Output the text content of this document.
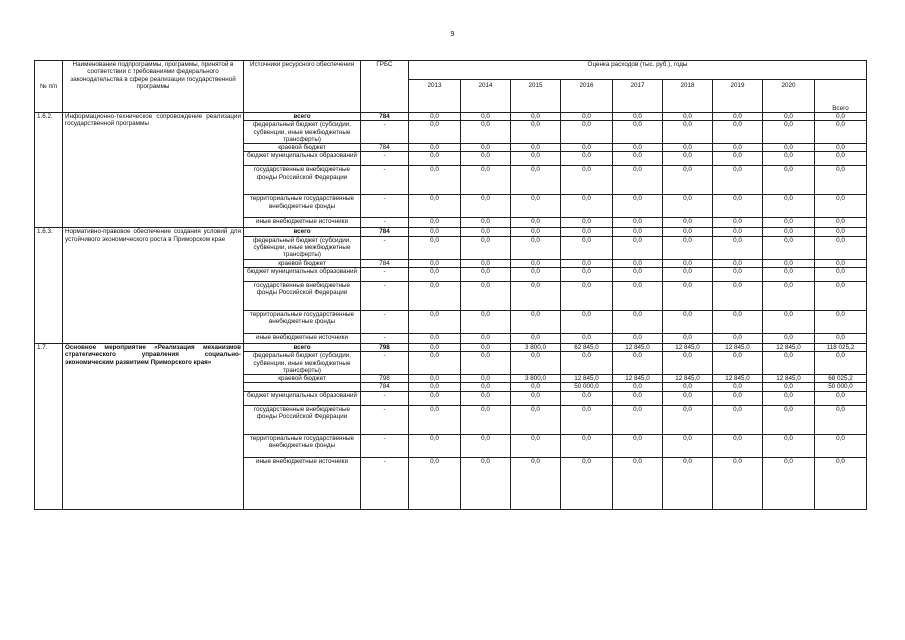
9
№ п/п	Наименование подпрограммы, программы, принятой в соответствии с требованиями федерального законодательства в сфере реализации государственной программы	Источники ресурсного обеспечения	ГРБС	Оценка расходов (тыс. руб.), годы								
				2013	2014	2015	2016	2017	2018	2019	2020	Всего
1.6.2.	Информационно-техническое сопровождение реализации государственной программы	всего	784	0,0	0,0	0,0	0,0	0,0	0,0	0,0	0,0	0,0
		федеральный бюджет (субсидии, субвенции, иные межбюджетные трансферты)	-	0,0	0,0	0,0	0,0	0,0	0,0	0,0	0,0	0,0
		краевой бюджет	784	0,0	0,0	0,0	0,0	0,0	0,0	0,0	0,0	0,0
		бюджет муниципальных образований	-	0,0	0,0	0,0	0,0	0,0	0,0	0,0	0,0	0,0
		государственные внебюджетные фонды Российской Федерации	-	0,0	0,0	0,0	0,0	0,0	0,0	0,0	0,0	0,0
		территориальные государственные внебюджетные фонды	-	0,0	0,0	0,0	0,0	0,0	0,0	0,0	0,0	0,0
		иные внебюджетные источники	-	0,0	0,0	0,0	0,0	0,0	0,0	0,0	0,0	0,0
1.6.3.	Нормативно-правовое обеспечение создания условий для устойчивого экономического роста в Приморском крае	всего	784	0,0	0,0	0,0	0,0	0,0	0,0	0,0	0,0	0,0
		федеральный бюджет (субсидии, субвенции, иные межбюджетные трансферты)	-	0,0	0,0	0,0	0,0	0,0	0,0	0,0	0,0	0,0
		краевой бюджет	784	0,0	0,0	0,0	0,0	0,0	0,0	0,0	0,0	0,0
		бюджет муниципальных образований	-	0,0	0,0	0,0	0,0	0,0	0,0	0,0	0,0	0,0
		государственные внебюджетные фонды Российской Федерации	-	0,0	0,0	0,0	0,0	0,0	0,0	0,0	0,0	0,0
		территориальные государственные внебюджетные фонды	-	0,0	0,0	0,0	0,0	0,0	0,0	0,0	0,0	0,0
		иные внебюджетные источники	-	0,0	0,0	0,0	0,0	0,0	0,0	0,0	0,0	0,0
1.7.	Основное мероприятие «Реализация механизмов стратегического управления социально-экономическим развитием Приморского края»	всего	798	0,0	0,0	3 800,0	62 845,0	12 845,0	12 845,0	12 845,0	12 845,0	118 025,2
		федеральный бюджет (субсидии, субвенции, иные межбюджетные трансферты)	-	0,0	0,0	0,0	0,0	0,0	0,0	0,0	0,0	0,0
		краевой бюджет	798	0,0	0,0	3 800,0	12 845,0	12 845,0	12 845,0	12 845,0	12 845,0	68 025,2
			784	0,0	0,0	0,0	50 000,0	0,0	0,0	0,0	0,0	50 000,0
		бюджет муниципальных образований	-	0,0	0,0	0,0	0,0	0,0	0,0	0,0	0,0	0,0
		государственные внебюджетные фонды Российской Федерации	-	0,0	0,0	0,0	0,0	0,0	0,0	0,0	0,0	0,0
		территориальные государственные внебюджетные фонды	-	0,0	0,0	0,0	0,0	0,0	0,0	0,0	0,0	0,0
		иные внебюджетные источники	-	0,0	0,0	0,0	0,0	0,0	0,0	0,0	0,0	0,0
